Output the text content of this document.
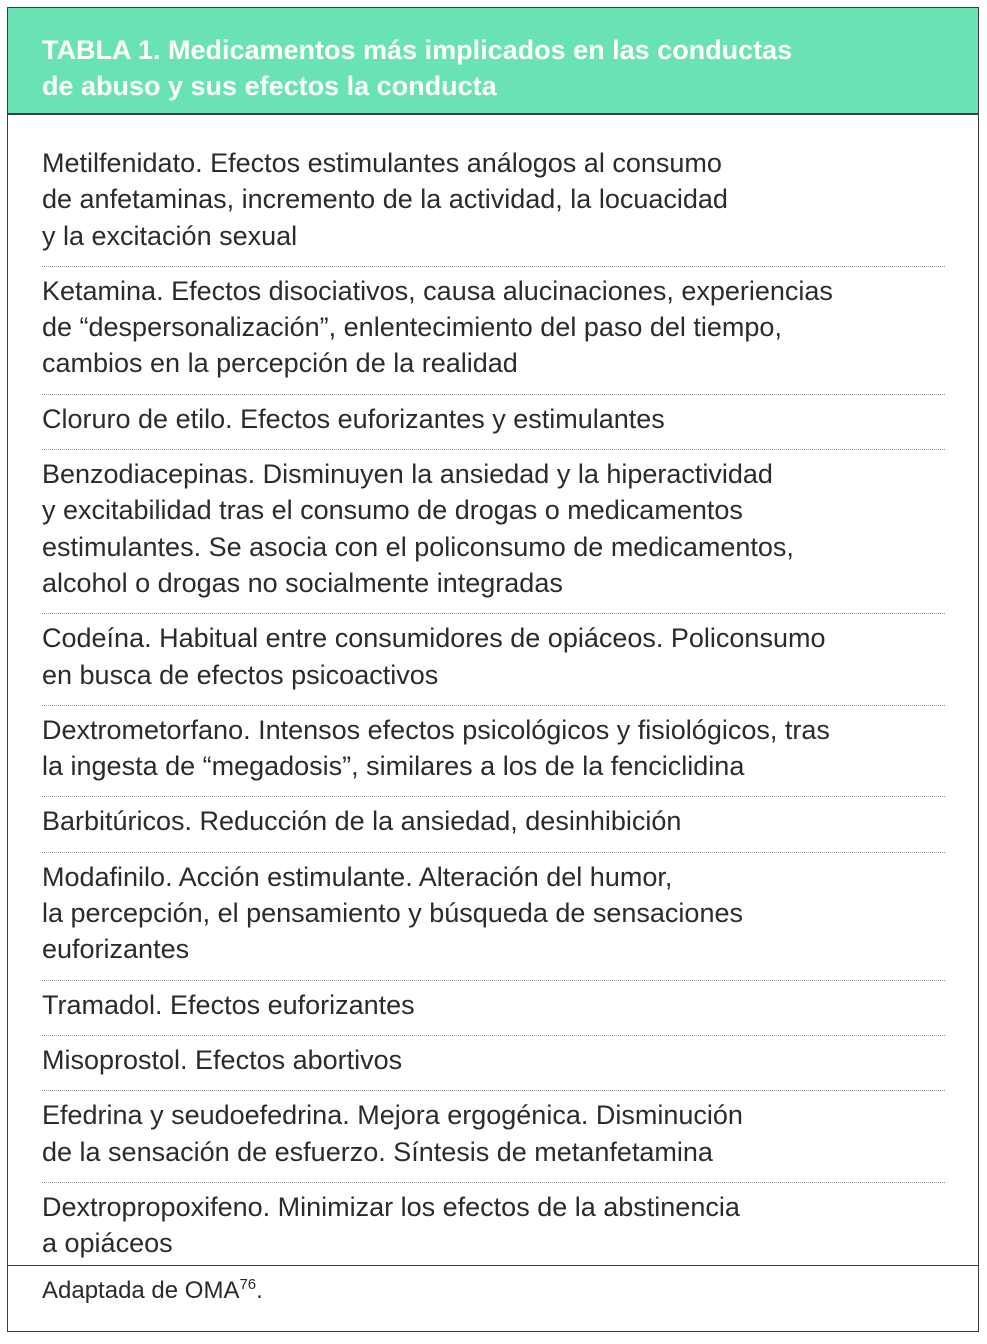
TABLA 1. Medicamentos más implicados en las conductas
de abuso y sus efectos la conducta
Metilfenidato. Efectos estimulantes análogos al consumo
de anfetaminas, incremento de la actividad, la locuacidad
y la excitación sexual
Ketamina. Efectos disociativos, causa alucinaciones, experiencias
de “despersonalización”, enlentecimiento del paso del tiempo,
cambios en la percepción de la realidad
Cloruro de etilo. Efectos euforizantes y estimulantes
Benzodiacepinas. Disminuyen la ansiedad y la hiperactividad
y excitabilidad tras el consumo de drogas o medicamentos
estimulantes. Se asocia con el policonsumo de medicamentos,
alcohol o drogas no socialmente integradas
Codeína. Habitual entre consumidores de opiáceos. Policonsumo
en busca de efectos psicoactivos
Dextrometorfano. Intensos efectos psicológicos y fisiológicos, tras
la ingesta de “megadosis”, similares a los de la fenciclidina
Barbitúricos. Reducción de la ansiedad, desinhibición
Modafinilo. Acción estimulante. Alteración del humor,
la percepción, el pensamiento y búsqueda de sensaciones
euforizantes
Tramadol. Efectos euforizantes
Misoprostol. Efectos abortivos
Efedrina y seudoefedrina. Mejora ergogénica. Disminución
de la sensación de esfuerzo. Síntesis de metanfetamina
Dextropropoxifeno. Minimizar los efectos de la abstinencia
a opiáceos
Adaptada de OMA$^{76}$.
